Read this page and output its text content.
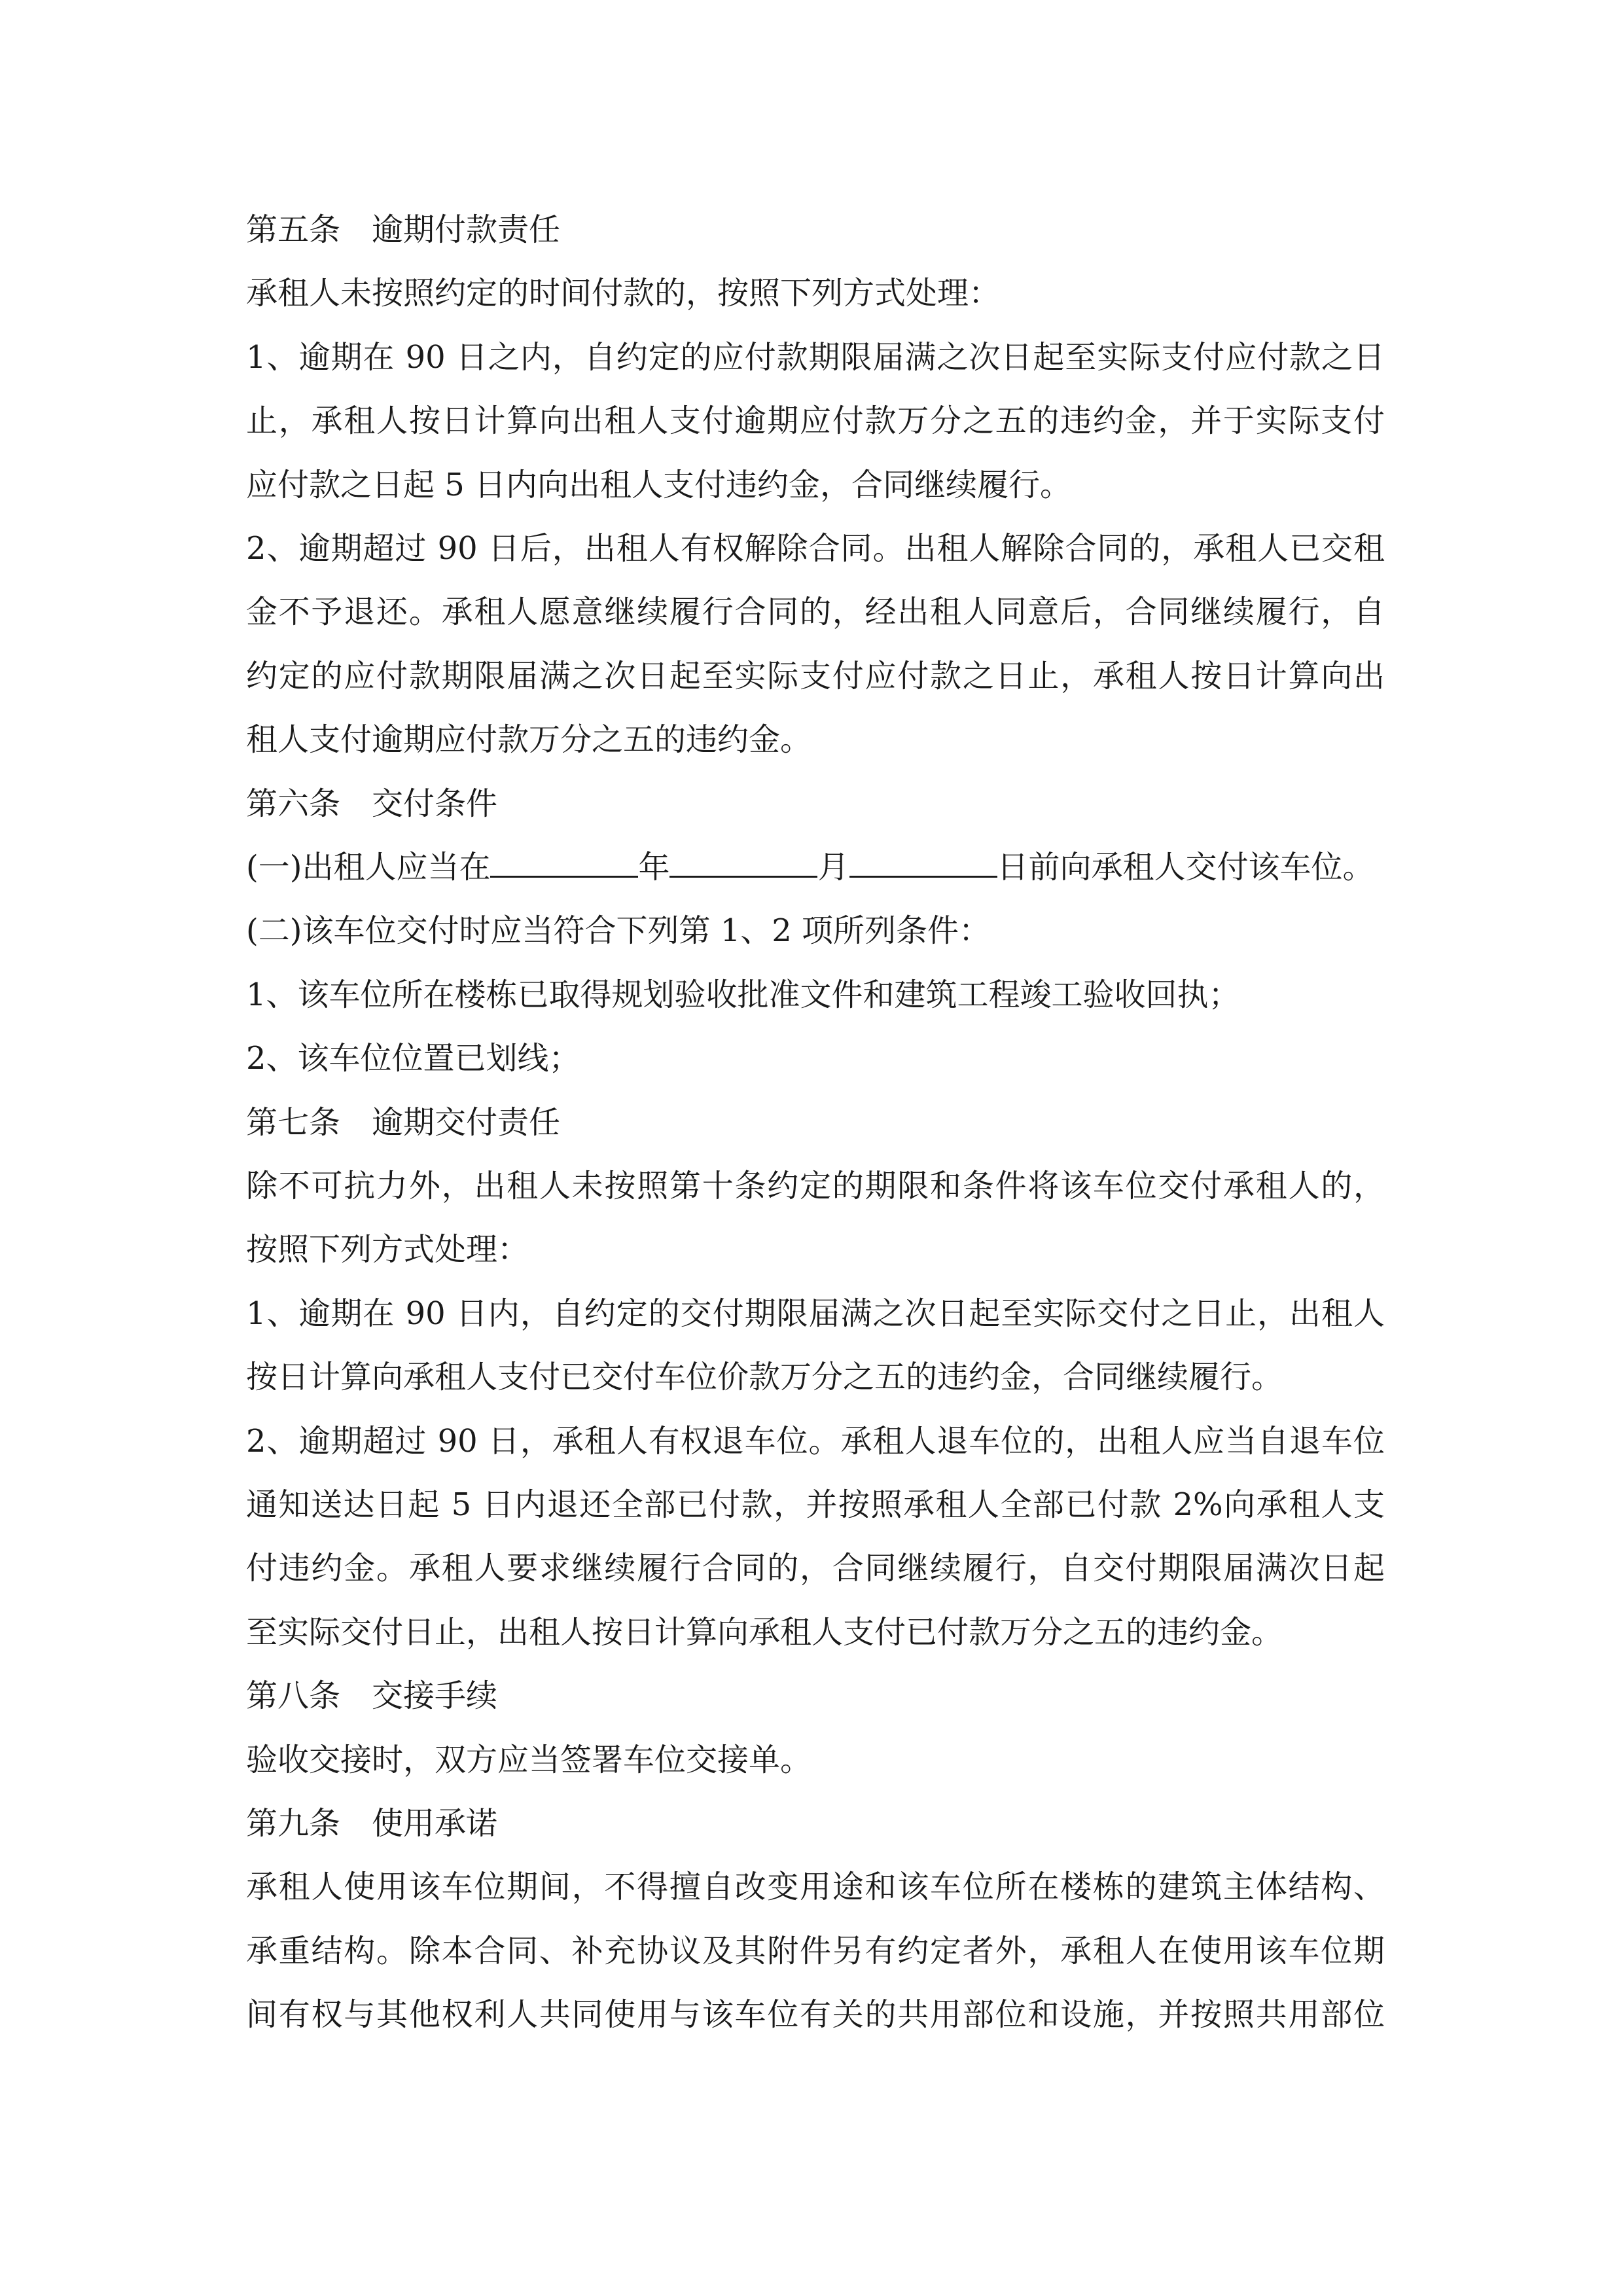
第五条 逾期付款责任
承租人未按照约定的时间付款的，按照下列方式处理：
1、逾期在 90 日之内，自约定的应付款期限届满之次日起至实际支付应付款之日
止，承租人按日计算向出租人支付逾期应付款万分之五的违约金，并于实际支付
应付款之日起 5 日内向出租人支付违约金，合同继续履行。
2、逾期超过 90 日后，出租人有权解除合同。出租人解除合同的，承租人已交租
金不予退还。承租人愿意继续履行合同的，经出租人同意后，合同继续履行，自
约定的应付款期限届满之次日起至实际支付应付款之日止，承租人按日计算向出
租人支付逾期应付款万分之五的违约金。
第六条 交付条件
(一)出租人应当在	年	月	日前向承租人交付该车位。
(二)该车位交付时应当符合下列第 1、2 项所列条件：
1、该车位所在楼栋已取得规划验收批准文件和建筑工程竣工验收回执；
2、该车位位置已划线；
第七条 逾期交付责任
除不可抗力外，出租人未按照第十条约定的期限和条件将该车位交付承租人的，
按照下列方式处理：
1、逾期在 90 日内，自约定的交付期限届满之次日起至实际交付之日止，出租人
按日计算向承租人支付已交付车位价款万分之五的违约金，合同继续履行。
2、逾期超过 90 日，承租人有权退车位。承租人退车位的，出租人应当自退车位
通知送达日起 5 日内退还全部已付款，并按照承租人全部已付款 2%向承租人支
付违约金。承租人要求继续履行合同的，合同继续履行，自交付期限届满次日起
至实际交付日止，出租人按日计算向承租人支付已付款万分之五的违约金。
第八条 交接手续
验收交接时，双方应当签署车位交接单。
第九条 使用承诺
承租人使用该车位期间，不得擅自改变用途和该车位所在楼栋的建筑主体结构、
承重结构。除本合同、补充协议及其附件另有约定者外，承租人在使用该车位期
间有权与其他权利人共同使用与该车位有关的共用部位和设施，并按照共用部位
